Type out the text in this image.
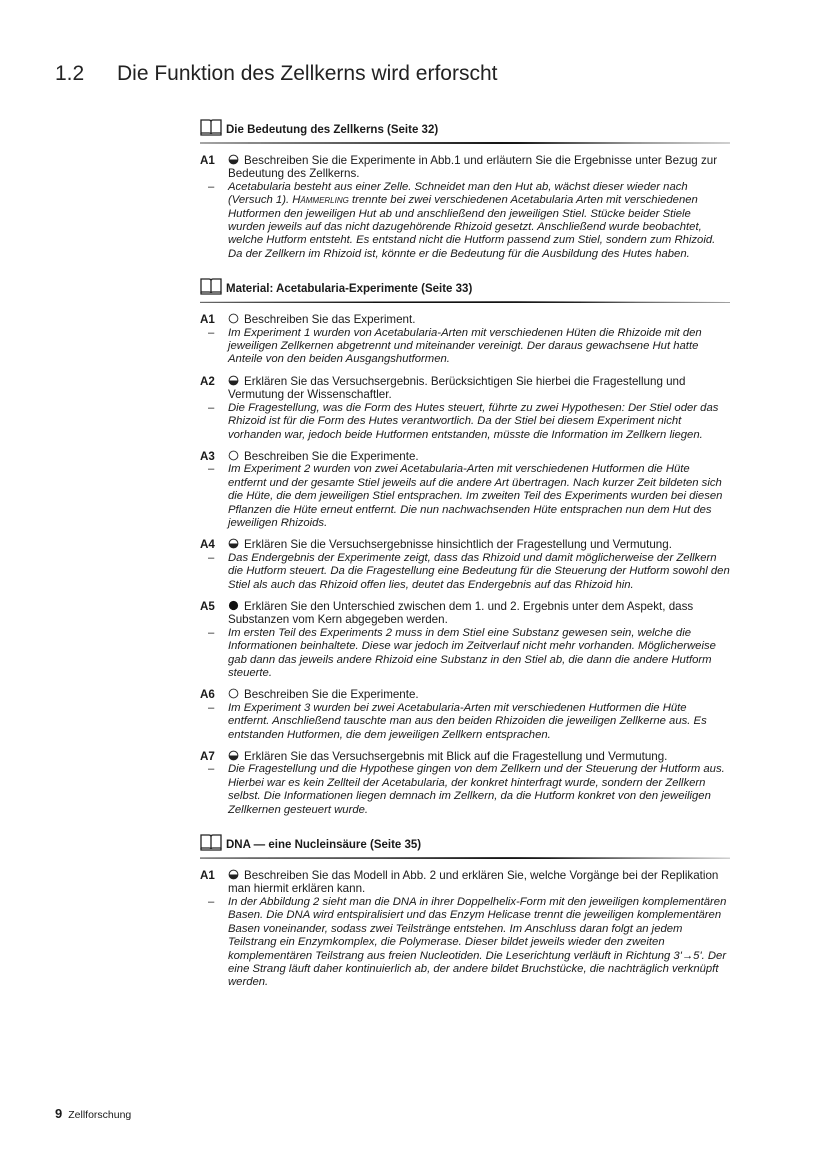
1.2 Die Funktion des Zellkerns wird erforscht
Die Bedeutung des Zellkerns (Seite 32)
A1	Beschreiben Sie die Experimente in Abb.1 und erläutern Sie die Ergebnisse unter Bezug zur Bedeutung des Zellkerns.
– Acetabularia besteht aus einer Zelle. Schneidet man den Hut ab, wächst dieser wieder nach (Versuch 1). Hämmerling trennte bei zwei verschiedenen Acetabularia Arten mit verschiedenen Hutformen den jeweiligen Hut ab und anschließend den jeweiligen Stiel. Stücke beider Stiele wurden jeweils auf das nicht dazugehörende Rhizoid gesetzt. Anschließend wurde beobachtet, welche Hutform entsteht. Es entstand nicht die Hutform passend zum Stiel, sondern zum Rhizoid. Da der Zellkern im Rhizoid ist, könnte er die Bedeutung für die Ausbildung des Hutes haben.
Material: Acetabularia-Experimente (Seite 33)
A1	Beschreiben Sie das Experiment.
– Im Experiment 1 wurden von Acetabularia-Arten mit verschiedenen Hüten die Rhizoide mit den jeweiligen Zellkernen abgetrennt und miteinander vereinigt. Der daraus gewachsene Hut hatte Anteile von den beiden Ausgangshutformen.
A2	Erklären Sie das Versuchsergebnis. Berücksichtigen Sie hierbei die Fragestellung und Vermutung der Wissenschaftler.
– Die Fragestellung, was die Form des Hutes steuert, führte zu zwei Hypothesen: Der Stiel oder das Rhizoid ist für die Form des Hutes verantwortlich. Da der Stiel bei diesem Experiment nicht vorhanden war, jedoch beide Hutformen entstanden, müsste die Information im Zellkern liegen.
A3	Beschreiben Sie die Experimente.
– Im Experiment 2 wurden von zwei Acetabularia-Arten mit verschiedenen Hutformen die Hüte entfernt und der gesamte Stiel jeweils auf die andere Art übertragen. Nach kurzer Zeit bildeten sich die Hüte, die dem jeweiligen Stiel entsprachen. Im zweiten Teil des Experiments wurden bei diesen Pflanzen die Hüte erneut entfernt. Die nun nachwachsenden Hüte entsprachen nun dem Hut des jeweiligen Rhizoids.
A4	Erklären Sie die Versuchsergebnisse hinsichtlich der Fragestellung und Vermutung.
– Das Endergebnis der Experimente zeigt, dass das Rhizoid und damit möglicherweise der Zellkern die Hutform steuert. Da die Fragestellung eine Bedeutung für die Steuerung der Hutform sowohl den Stiel als auch das Rhizoid offen lies, deutet das Endergebnis auf das Rhizoid hin.
A5	Erklären Sie den Unterschied zwischen dem 1. und 2. Ergebnis unter dem Aspekt, dass Substanzen vom Kern abgegeben werden.
– Im ersten Teil des Experiments 2 muss in dem Stiel eine Substanz gewesen sein, welche die Informationen beinhaltete. Diese war jedoch im Zeitverlauf nicht mehr vorhanden. Möglicherweise gab dann das jeweils andere Rhizoid eine Substanz in den Stiel ab, die dann die andere Hutform steuerte.
A6	Beschreiben Sie die Experimente.
– Im Experiment 3 wurden bei zwei Acetabularia-Arten mit verschiedenen Hutformen die Hüte entfernt. Anschließend tauschte man aus den beiden Rhizoiden die jeweiligen Zellkerne aus. Es entstanden Hutformen, die dem jeweiligen Zellkern entsprachen.
A7	Erklären Sie das Versuchsergebnis mit Blick auf die Fragestellung und Vermutung.
– Die Fragestellung und die Hypothese gingen von dem Zellkern und der Steuerung der Hutform aus. Hierbei war es kein Zellteil der Acetabularia, der konkret hinterfragt wurde, sondern der Zellkern selbst. Die Informationen liegen demnach im Zellkern, da die Hutform konkret von den jeweiligen Zellkernen gesteuert wurde.
DNA — eine Nucleinsäure (Seite 35)
A1	Beschreiben Sie das Modell in Abb. 2 und erklären Sie, welche Vorgänge bei der Replikation man hiermit erklären kann.
– In der Abbildung 2 sieht man die DNA in ihrer Doppelhelix-Form mit den jeweiligen komplementären Basen. Die DNA wird entspiralisiert und das Enzym Helicase trennt die jeweiligen komplementären Basen voneinander, sodass zwei Teilstränge entstehen. Im Anschluss daran folgt an jedem Teilstrang ein Enzymkomplex, die Polymerase. Dieser bildet jeweils wieder den zweiten komplementären Teilstrang aus freien Nucleotiden. Die Leserichtung verläuft in Richtung 3'→5'. Der eine Strang läuft daher kontinuierlich ab, der andere bildet Bruchstücke, die nachträglich verknüpft werden.
9 Zellforschung
